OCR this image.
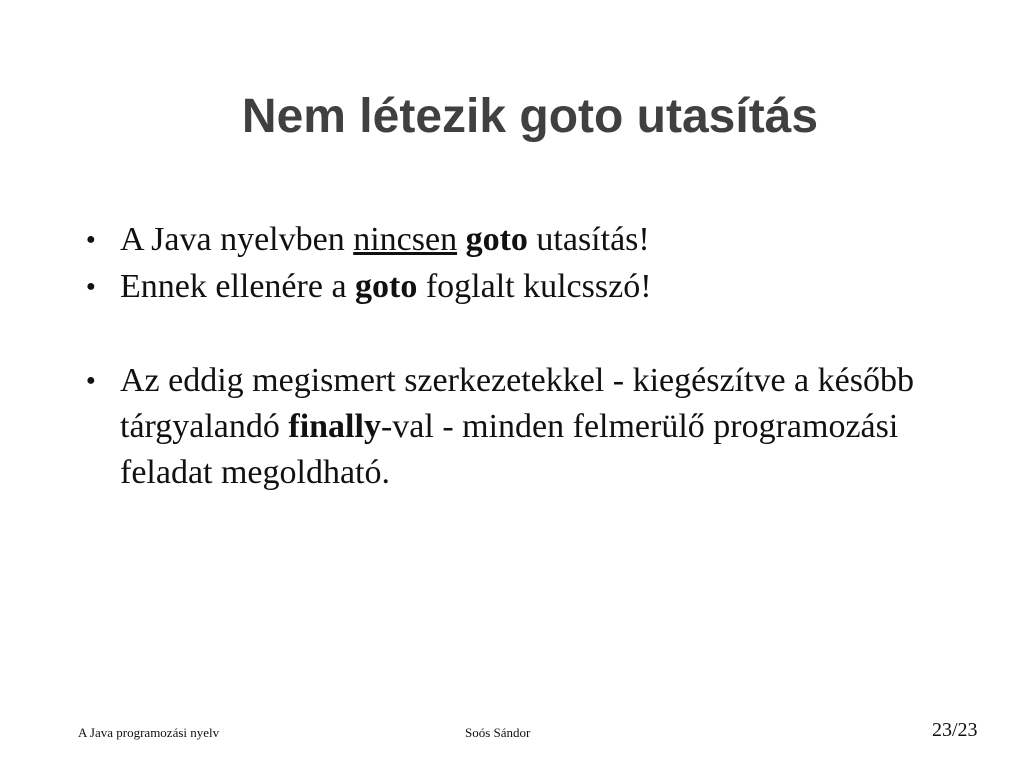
Nem létezik goto utasítás
● A Java nyelvben nincsen goto utasítás!
● Ennek ellenére a goto foglalt kulcsszó!
● Az eddig megismert szerkezetekkel - kiegészítve a később tárgyalandó finally-val - minden felmerülő programozási feladat megoldható.
A Java programozási nyelv	Soós Sándor	23/23
